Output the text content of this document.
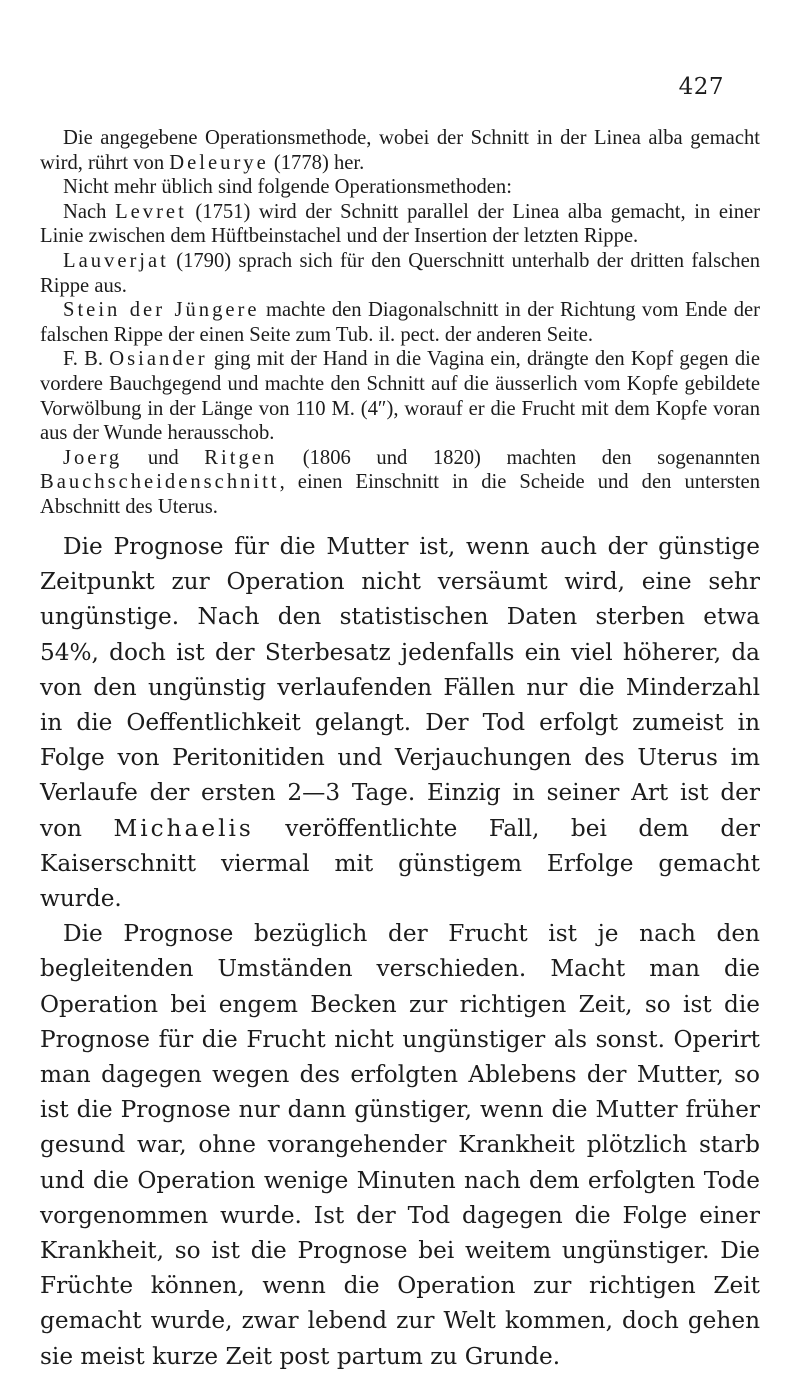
427

Die angegebene Operationsmethode, wobei der Schnitt in der Linea alba gemacht wird, rührt von Deleurye (1778) her.

Nicht mehr üblich sind folgende Operationsmethoden:

Nach Levret (1751) wird der Schnitt parallel der Linea alba gemacht, in einer Linie zwischen dem Hüftbeinstachel und der Insertion der letzten Rippe.

Lauverjat (1790) sprach sich für den Querschnitt unterhalb der dritten falschen Rippe aus.

Stein der Jüngere machte den Diagonalschnitt in der Richtung vom Ende der falschen Rippe der einen Seite zum Tub. il. pect. der anderen Seite.

F. B. Osiander ging mit der Hand in die Vagina ein, drängte den Kopf gegen die vordere Bauchgegend und machte den Schnitt auf die äusserlich vom Kopfe gebildete Vorwölbung in der Länge von 110 M. (4″), worauf er die Frucht mit dem Kopfe voran aus der Wunde herausschob.

Joerg und Ritgen (1806 und 1820) machten den sogenannten Bauchscheidenschnitt, einen Einschnitt in die Scheide und den untersten Abschnitt des Uterus.

Die Prognose für die Mutter ist, wenn auch der günstige Zeitpunkt zur Operation nicht versäumt wird, eine sehr ungünstige. Nach den statistischen Daten sterben etwa 54%, doch ist der Sterbesatz jedenfalls ein viel höherer, da von den ungünstig verlaufenden Fällen nur die Minderzahl in die Oeffentlichkeit gelangt. Der Tod erfolgt zumeist in Folge von Peritonitiden und Verjauchungen des Uterus im Verlaufe der ersten 2—3 Tage. Einzig in seiner Art ist der von Michaelis veröffentlichte Fall, bei dem der Kaiserschnitt viermal mit günstigem Erfolge gemacht wurde.

Die Prognose bezüglich der Frucht ist je nach den begleitenden Umständen verschieden. Macht man die Operation bei engem Becken zur richtigen Zeit, so ist die Prognose für die Frucht nicht ungünstiger als sonst. Operirt man dagegen wegen des erfolgten Ablebens der Mutter, so ist die Prognose nur dann günstiger, wenn die Mutter früher gesund war, ohne vorangehender Krankheit plötzlich starb und die Operation wenige Minuten nach dem erfolgten Tode vorgenommen wurde. Ist der Tod dagegen die Folge einer Krankheit, so ist die Prognose bei weitem ungünstiger. Die Früchte können, wenn die Operation zur richtigen Zeit gemacht wurde, zwar lebend zur Welt kommen, doch gehen sie meist kurze Zeit post partum zu Grunde.
